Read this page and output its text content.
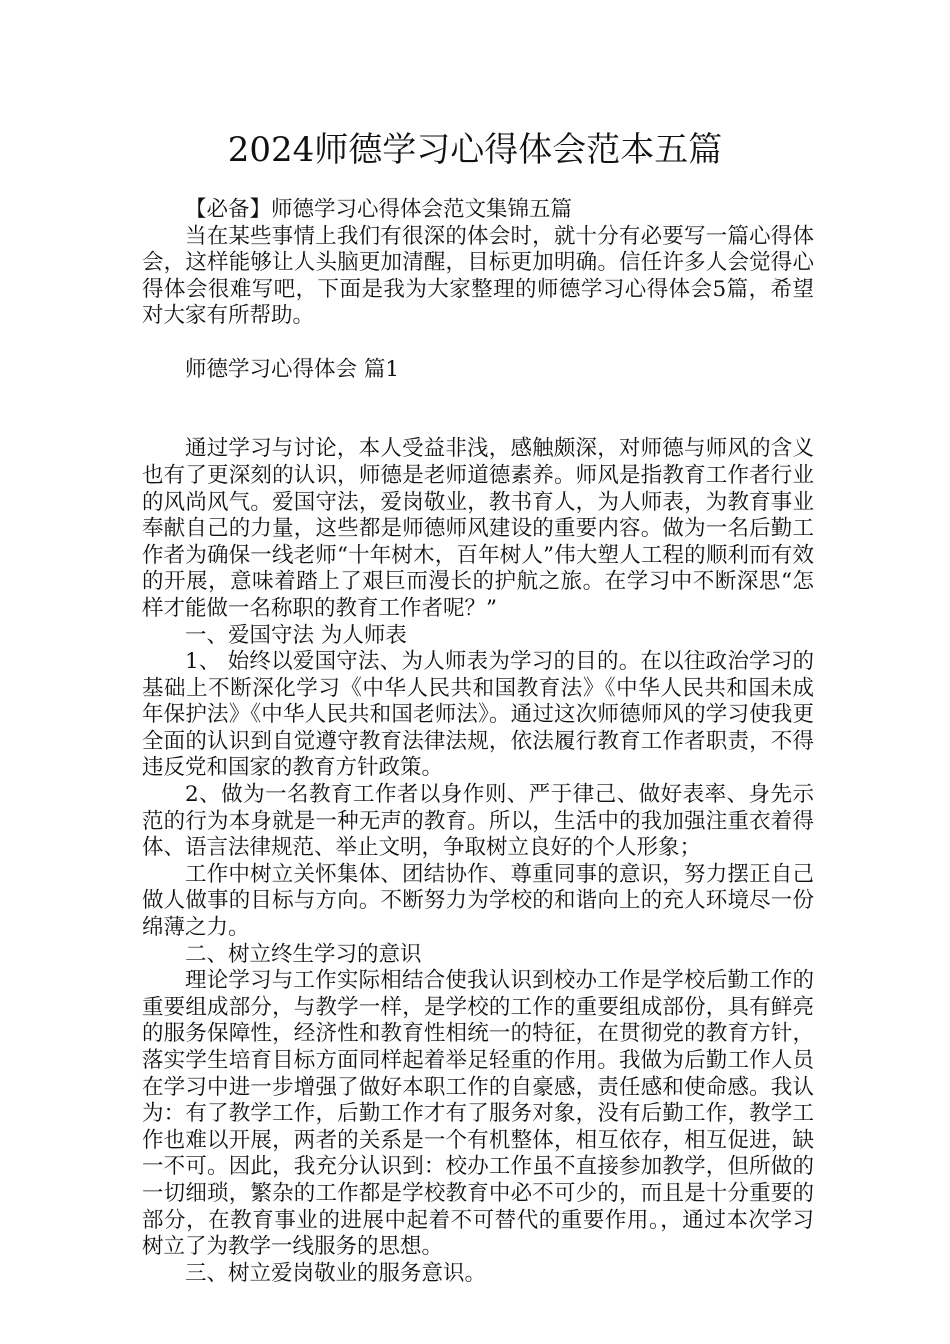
2024师德学习心得体会范本五篇

【必备】师德学习心得体会范文集锦五篇

当在某些事情上我们有很深的体会时，就十分有必要写一篇心得体会，这样能够让人头脑更加清醒，目标更加明确。信任许多人会觉得心得体会很难写吧，下面是我为大家整理的师德学习心得体会5篇，希望对大家有所帮助。

师德学习心得体会 篇1

通过学习与讨论，本人受益非浅，感触颇深，对师德与师风的含义也有了更深刻的认识，师德是老师道德素养。师风是指教育工作者行业的风尚风气。爱国守法，爱岗敬业，教书育人，为人师表，为教育事业奉献自己的力量，这些都是师德师风建设的重要内容。做为一名后勤工作者为确保一线老师“十年树木，百年树人”伟大塑人工程的顺利而有效的开展，意味着踏上了艰巨而漫长的护航之旅。在学习中不断深思“怎样才能做一名称职的教育工作者呢？”

一、爱国守法 为人师表

1、 始终以爱国守法、为人师表为学习的目的。在以往政治学习的基础上不断深化学习《中华人民共和国教育法》《中华人民共和国未成年保护法》《中华人民共和国老师法》。通过这次师德师风的学习使我更全面的认识到自觉遵守教育法律法规，依法履行教育工作者职责，不得违反党和国家的教育方针政策。

2、做为一名教育工作者以身作则、严于律己、做好表率、身先示范的行为本身就是一种无声的教育。所以，生活中的我加强注重衣着得体、语言法律规范、举止文明，争取树立良好的个人形象；

工作中树立关怀集体、团结协作、尊重同事的意识，努力摆正自己做人做事的目标与方向。不断努力为学校的和谐向上的充人环境尽一份绵薄之力。

二、树立终生学习的意识

理论学习与工作实际相结合使我认识到校办工作是学校后勤工作的重要组成部分，与教学一样，是学校的工作的重要组成部份，具有鲜亮的服务保障性，经济性和教育性相统一的特征，在贯彻党的教育方针，落实学生培育目标方面同样起着举足轻重的作用。我做为后勤工作人员在学习中进一步增强了做好本职工作的自豪感，责任感和使命感。我认为：有了教学工作，后勤工作才有了服务对象，没有后勤工作，教学工作也难以开展，两者的关系是一个有机整体，相互依存，相互促进，缺一不可。因此，我充分认识到：校办工作虽不直接参加教学，但所做的一切细琐，繁杂的工作都是学校教育中必不可少的，而且是十分重要的部分，在教育事业的进展中起着不可替代的重要作用。，通过本次学习树立了为教学一线服务的思想。

三、树立爱岗敬业的服务意识。
